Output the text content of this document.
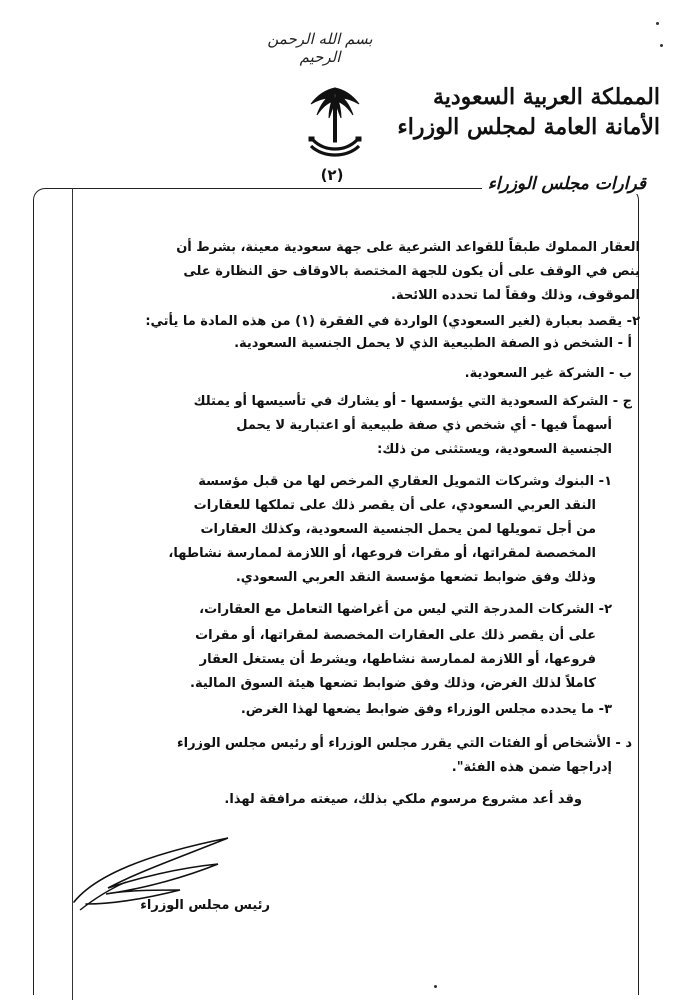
بسم الله الرحمن الرحيم
المملكة العربية السعودية
الأمانة العامة لمجلس الوزراء
(٢)	قرارات مجلس الوزراء
العقار المملوك طبقاً للقواعد الشرعية على جهة سعودية معينة، بشرط أن
ينص في الوقف على أن يكون للجهة المختصة بالاوقاف حق النظارة على
الموقوف، وذلك وفقاً لما تحدده اللائحة.
٢- يقصد بعبارة (لغير السعودي) الواردة في الفقرة (١) من هذه المادة ما يأتي:
أ - الشخص ذو الصفة الطبيعية الذي لا يحمل الجنسية السعودية.
ب - الشركة غير السعودية.
ج - الشركة السعودية التي يؤسسها - أو يشارك في تأسيسها أو يمتلك
أسهماً فيها - أي شخص ذي صفة طبيعية أو اعتبارية لا يحمل
الجنسية السعودية، ويستثنى من ذلك:
١- البنوك وشركات التمويل العقاري المرخص لها من قبل مؤسسة
النقد العربي السعودي، على أن يقصر ذلك على تملكها للعقارات
من أجل تمويلها لمن يحمل الجنسية السعودية، وكذلك العقارات
المخصصة لمقراتها، أو مقرات فروعها، أو اللازمة لممارسة نشاطها،
وذلك وفق ضوابط تضعها مؤسسة النقد العربي السعودي.
٢- الشركات المدرجة التي ليس من أغراضها التعامل مع العقارات،
على أن يقصر ذلك على العقارات المخصصة لمقراتها، أو مقرات
فروعها، أو اللازمة لممارسة نشاطها، ويشرط أن يستغل العقار
كاملاً لذلك الغرض، وذلك وفق ضوابط تضعها هيئة السوق المالية.
٣- ما يحدده مجلس الوزراء وفق ضوابط يضعها لهذا الغرض.
د - الأشخاص أو الفئات التي يقرر مجلس الوزراء أو رئيس مجلس الوزراء
إدراجها ضمن هذه الفئة".
وقد أعد مشروع مرسوم ملكي بذلك، صيغته مرافقة لهذا.
رئيس مجلس الوزراء
